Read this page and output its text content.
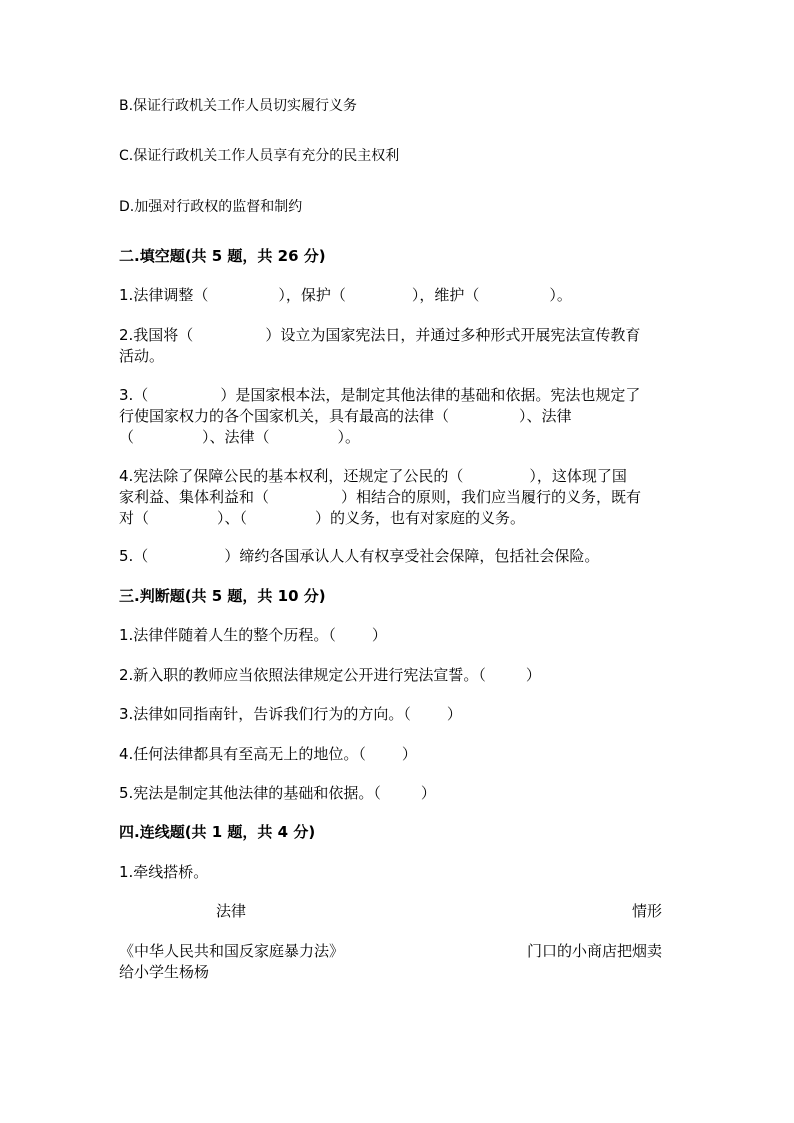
B.保证行政机关工作人员切实履行义务
C.保证行政机关工作人员享有充分的民主权利
D.加强对行政权的监督和制约
二.填空题(共 5 题，共 26 分)
1.法律调整（	），保护（	），维护（	）。
2.我国将（	）设立为国家宪法日，并通过多种形式开展宪法宣传教育
活动。
3.（	）是国家根本法，是制定其他法律的基础和依据。宪法也规定了
行使国家权力的各个国家机关，具有最高的法律（	）、法律
（	）、法律（	）。
4.宪法除了保障公民的基本权利，还规定了公民的（	），这体现了国
家利益、集体利益和（	）相结合的原则，我们应当履行的义务，既有
对（	）、（	）的义务，也有对家庭的义务。
5.（	）缔约各国承认人人有权享受社会保障，包括社会保险。
三.判断题(共 5 题，共 10 分)
1.法律伴随着人生的整个历程。（ ）
2.新入职的教师应当依照法律规定公开进行宪法宣誓。（	）
3.法律如同指南针，告诉我们行为的方向。（ ）
4.任何法律都具有至高无上的地位。（ ）
5.宪法是制定其他法律的基础和依据。（	）
四.连线题(共 1 题，共 4 分)
1.牵线搭桥。
法律	情形
《中华人民共和国反家庭暴力法》	门口的小商店把烟卖
给小学生杨杨
